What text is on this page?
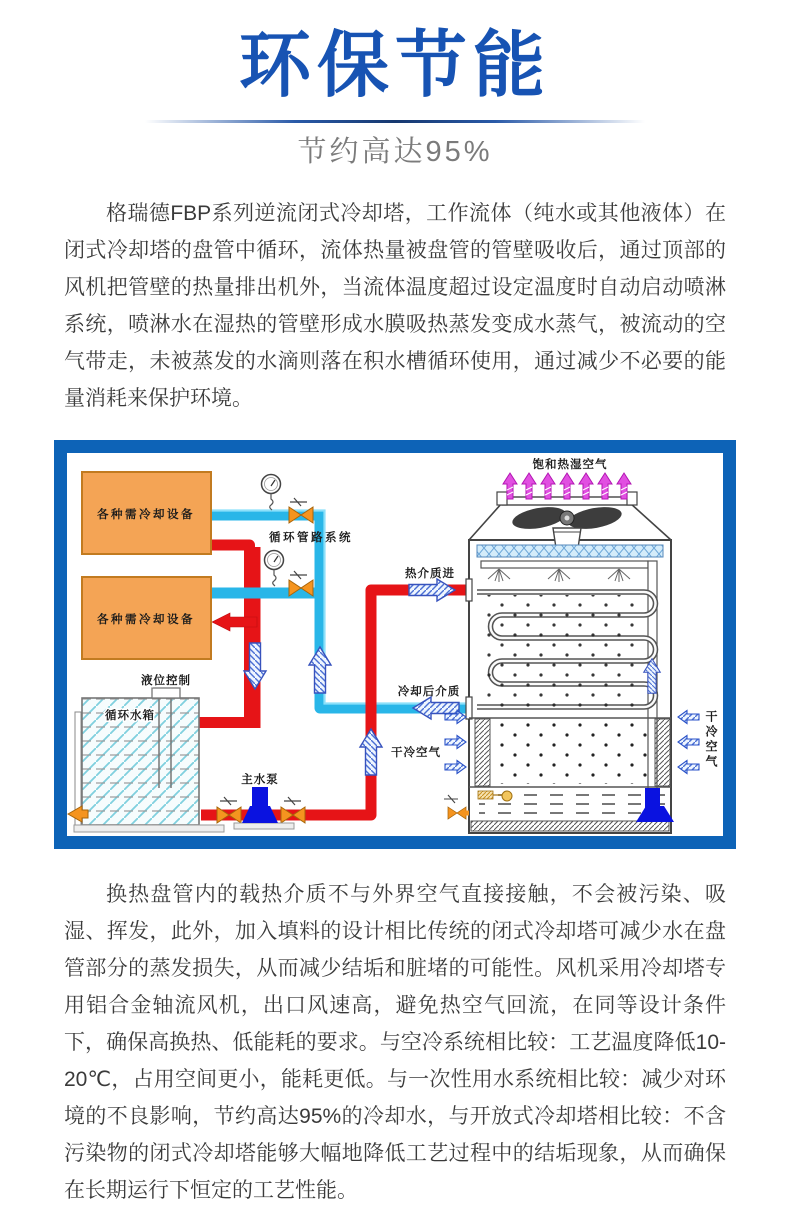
环保节能
节约高达95%

格瑞德FBP系列逆流闭式冷却塔，工作流体（纯水或其他液体）在闭式冷却塔的盘管中循环，流体热量被盘管的管壁吸收后，通过顶部的风机把管壁的热量排出机外，当流体温度超过设定温度时自动启动喷淋系统，喷淋水在湿热的管壁形成水膜吸热蒸发变成水蒸气，被流动的空气带走，未被蒸发的水滴则落在积水槽循环使用，通过减少不必要的能量消耗来保护环境。

各种需冷却设备
各种需冷却设备
液位控制
循环水箱
主水泵
循环管路系统
热介质进
冷却后介质
饱和热湿空气
干冷空气	干冷空气

换热盘管内的载热介质不与外界空气直接接触，不会被污染、吸湿、挥发，此外，加入填料的设计相比传统的闭式冷却塔可减少水在盘管部分的蒸发损失，从而减少结垢和脏堵的可能性。风机采用冷却塔专用铝合金轴流风机，出口风速高，避免热空气回流，在同等设计条件下，确保高换热、低能耗的要求。与空冷系统相比较：工艺温度降低10-20℃，占用空间更小，能耗更低。与一次性用水系统相比较：减少对环境的不良影响，节约高达95%的冷却水，与开放式冷却塔相比较：不含污染物的闭式冷却塔能够大幅地降低工艺过程中的结垢现象，从而确保在长期运行下恒定的工艺性能。
